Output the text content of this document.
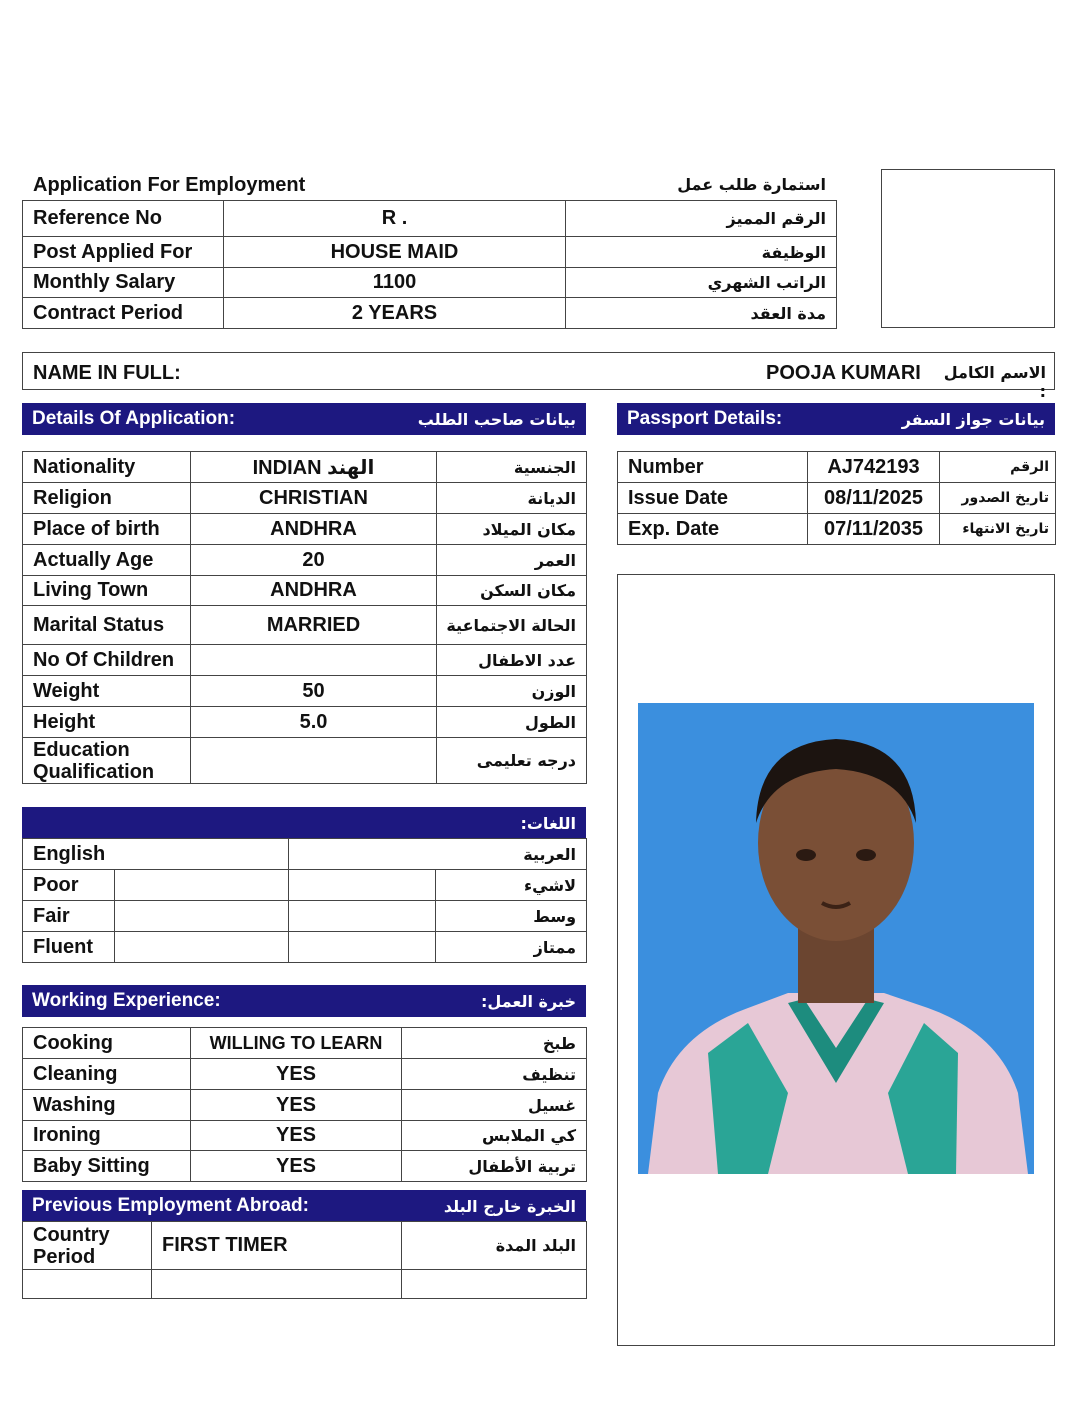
Application For Employment	استمارة طلب عمل
Reference No	R .	الرقم المميز
Post Applied For	HOUSE MAID	الوظيفة
Monthly Salary	1100	الراتب الشهري
Contract Period	2 YEARS	مدة العقد
NAME IN FULL:	POOJA KUMARI الاسم الكامل :
Details Of Application:	بيانات صاحب الطلب	Passport Details:	بيانات جواز السفر
Nationality	INDIAN الهند	الجنسية
Religion	CHRISTIAN	الديانة
Place of birth	ANDHRA	مكان الميلاد
Actually Age	20	العمر
Living Town	ANDHRA	مكان السكن
Marital Status	MARRIED	الحالة الاجتماعية
No Of Children		عدد الاطفال
Weight	50	الوزن
Height	5.0	الطول
Education Qualification		درجه تعليمى
Number	AJ742193	الرقم
Issue Date	08/11/2025	تاريخ الصدور
Exp. Date	07/11/2035	تاريخ الانتهاء
اللغات:
English		العربية	
Poor			لاشيء
Fair			وسط
Fluent			ممتاز
Working Experience:	خبرة العمل:
Cooking	WILLING TO LEARN	طبخ
Cleaning	YES	تنظيف
Washing	YES	غسيل
Ironing	YES	كي الملابس
Baby Sitting	YES	تربية الأطفال
Previous Employment Abroad:	الخبرة خارج البلد
Country Period	FIRST TIMER	البلد المدة
